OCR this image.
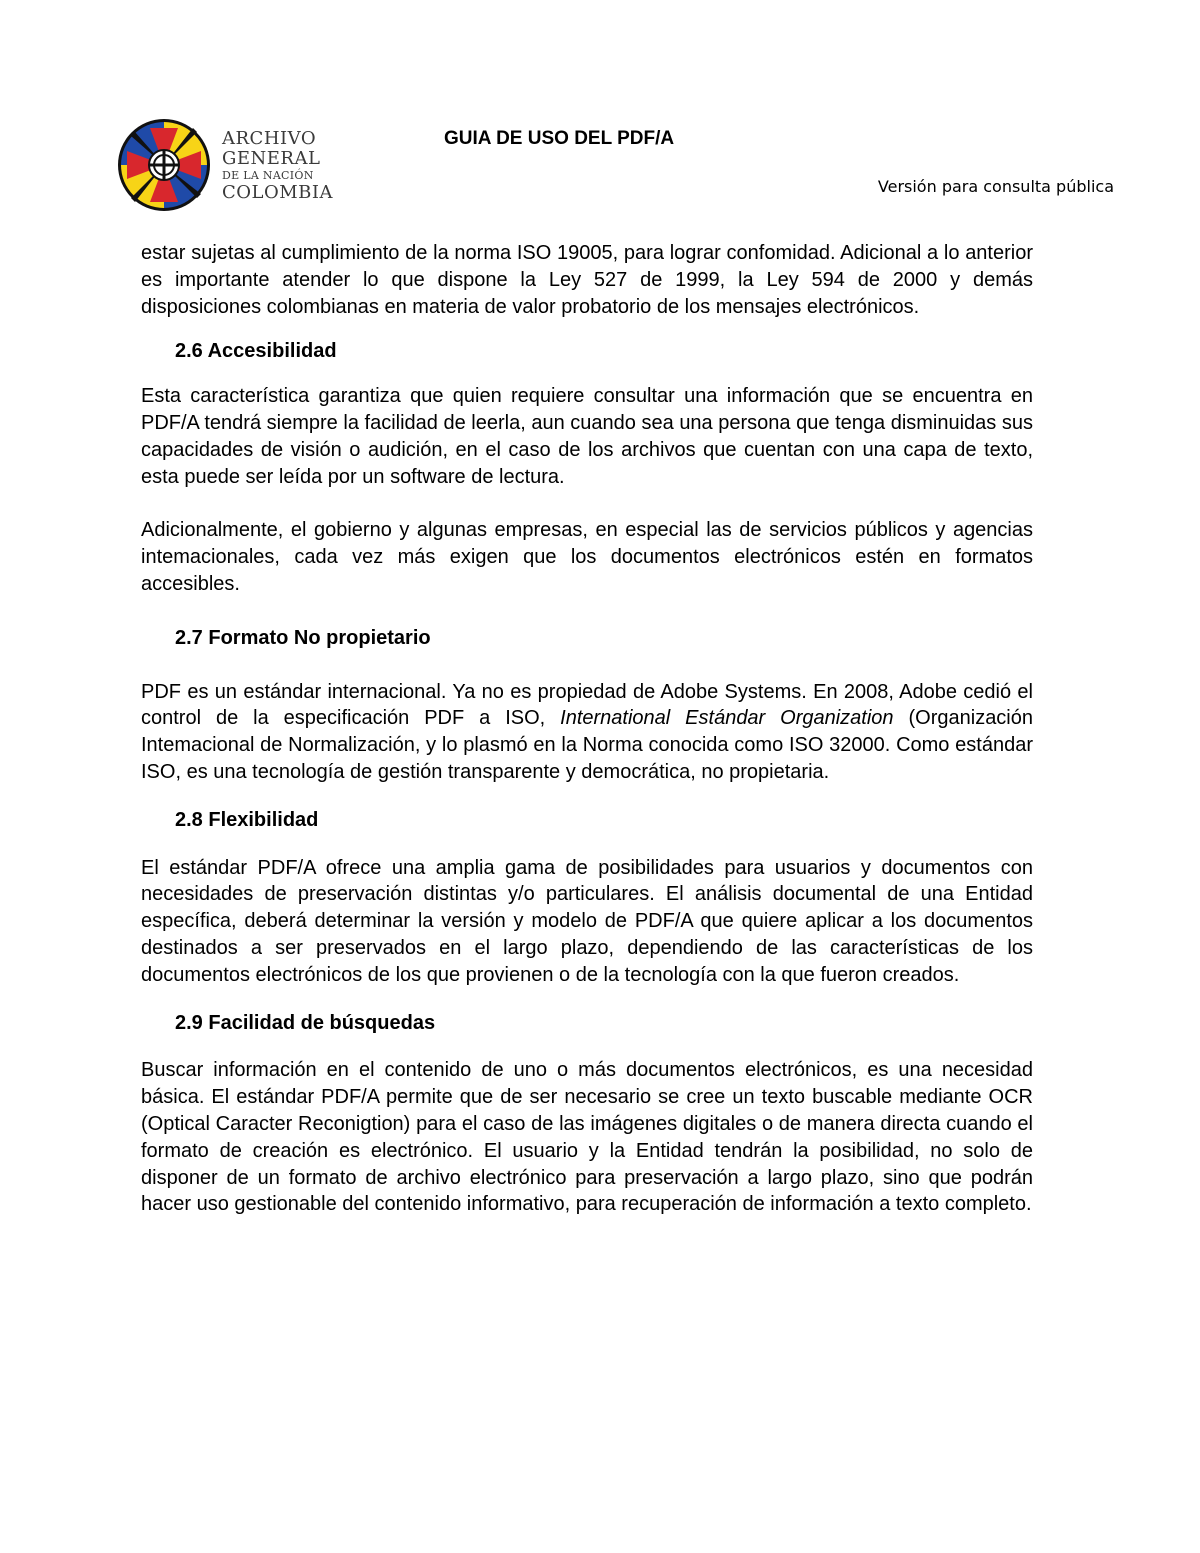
ARCHIVO
GENERAL
DE LA NACIÓN
COLOMBIA
GUIA DE USO DEL PDF/A
Versión para consulta pública

estar sujetas al cumplimiento de la norma ISO 19005, para lograr confomidad. Adicional a lo anterior es importante atender lo que dispone la Ley 527 de 1999, la Ley 594 de 2000 y demás disposiciones colombianas en materia de valor probatorio de los mensajes electrónicos.

2.6 Accesibilidad

Esta característica garantiza que quien requiere consultar una información que se encuentra en PDF/A tendrá siempre la facilidad de leerla, aun cuando sea una persona que tenga disminuidas sus capacidades de visión o audición, en el caso de los archivos que cuentan con una capa de texto, esta puede ser leída por un software de lectura.

Adicionalmente, el gobierno y algunas empresas, en especial las de servicios públicos y agencias intemacionales, cada vez más exigen que los documentos electrónicos estén en formatos accesibles.

2.7 Formato No propietario

PDF es un estándar internacional. Ya no es propiedad de Adobe Systems. En 2008, Adobe cedió el control de la especificación PDF a ISO, International Estándar Organization (Organización Intemacional de Normalización, y lo plasmó en la Norma conocida como ISO 32000. Como estándar ISO, es una tecnología de gestión transparente y democrática, no propietaria.

2.8 Flexibilidad

El estándar PDF/A ofrece una amplia gama de posibilidades para usuarios y documentos con necesidades de preservación distintas y/o particulares. El análisis documental de una Entidad específica, deberá determinar la versión y modelo de PDF/A que quiere aplicar a los documentos destinados a ser preservados en el largo plazo, dependiendo de las características de los documentos electrónicos de los que provienen o de la tecnología con la que fueron creados.

2.9 Facilidad de búsquedas

Buscar información en el contenido de uno o más documentos electrónicos, es una necesidad básica. El estándar PDF/A permite que de ser necesario se cree un texto buscable mediante OCR (Optical Caracter Reconigtion) para el caso de las imágenes digitales o de manera directa cuando el formato de creación es electrónico. El usuario y la Entidad tendrán la posibilidad, no solo de disponer de un formato de archivo electrónico para preservación a largo plazo, sino que podrán hacer uso gestionable del contenido informativo, para recuperación de información a texto completo.
